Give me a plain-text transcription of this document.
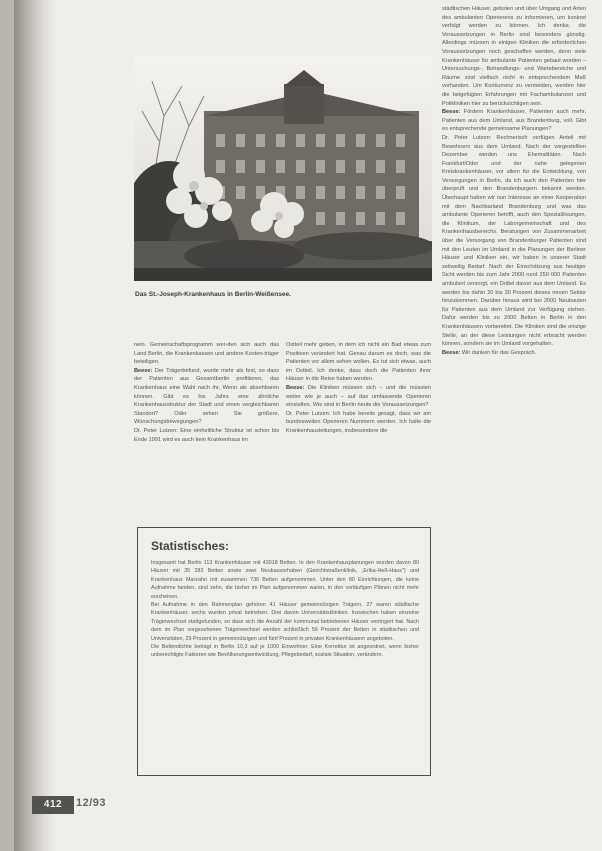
Das St.-Joseph-Krankenhaus in Berlin-Weißensee.

nein. Gemeinschaftsprogramm wer-den sich auch das Land Berlin, die Krankenkassen und andere Kosten-träger beteiligen.

Beese: Der Trägerbefund, wurde mehr als fest, so dass der Patienten aus Gesamtberlin profitieren, das Krankenhaus eine Wahl nach ihr, Wenn als absehbaren können. Gibt es bis Jahrs eine ähnliche Krankenhausstruktur der Stadt und einen vergleichbaren Standort? Oder sehen Sie größere, Wünschungsbewegungen?

Dr. Peter Lutzen: Eine einheitliche Struktur ist schon bis Ende 1991 wird es auch kein Krankenhaus im

Ostteil mehr geben, in dem ich nicht ein Bad etwas zum Positiven verändert hat. Genau darum es doch, was die Patienten vor allem sehen wollen. Es tut sich etwas, auch im Ostteil. Ich denke, dass doch die Patienten ihrer Häuser in die Reise haben werden.

Beese: Die Kliniken müssen sich – und die müssten weiter wie je auch – auf das umfassende Operieren einstellen. Wie sind in Berlin heute die Voraussetzungen?

Dr. Peter Lutzen: Ich habe bereits gesagt, dass wir am bundesweiten Operieren Nummern werden. Ich halte die Krankenhausleitungen, insbesondere die

städtischen Häuser, geboten und über Umgang und Arten des ambulanten Operierens zu informieren, um konkret verfolgt werden zu können. Ich denke, die Voraussetzungen in Berlin sind besonders günstig. Allerdings müssen in einigen Kliniken die erforderlichen Voraussetzungen noch geschaffen werden, denn viele Krankenhäuser für ambulante Patienten gebaut worden – Untersuchungs-, Behandlungs- und Wartebereiche und Räume sind vielfach nicht in entsprechendem Maß vorhanden. Um Konkurrenz zu vermeiden, werden hier die beigefügten Erfahrungen mit Fachambulanzen und Polikliniken hier zu berücksichtigen sein.

Beese: Fördern Krankenhäuser, Patienten auch mehr, Patienten aus dem Umland, aus Brandenburg, voll. Gibt es entsprechende gemeinsame Planungen?

Dr. Peter Lutzen: Rechnerisch verfügen Anteil mit Bewohnern aus dem Umland. Nach der vorgestellten Dezember werden uns Ehemalitäten. Nach Frankfurt/Oder und der nahe gelegenen Kreiskrankenhäuser, vor allem für die Entwicklung, von Versorgungen in Berlin, da ich auch den Patienten hier überprüft und den Brandenburgern bekannt werden. Überhaupt haben wir nun Interesse an einer Kooperation mit dem Nachbarland Brandenburg und was das ambulante Operieren betrifft, auch den Speziallösungen, die Klinikum, der Laborgemeinschaft und des Krankenhausbereichs. Beratungen von Zusammenarbeit über die Versorgung von Brandenburger Patienten sind mit den Leuten im Umland in die Planungen der Berliner Häuser und Kliniken ein, wir haben in unserer Stadt zeitweilig Bedarf. Nach der Einschätzung aus heutiger Sicht werden bis zum Jahr 2000 rund 250 000 Patienten ambulant versorgt, ein Drittel davon aus dem Umland. Es werden bis dahin 20 bis 30 Prozent dieses neuen Sektor hinzukommen. Darüber hinaus wird bei 2000 Neubauten für Patienten aus dem Umland zur Verfügung stehen. Dafür werden bis zu 2000 Betten in Berlin in den Krankenhäusern vorbereitet. Die Kliniken sind die einzige Stelle, an der diese Leistungen nicht erbracht werden können, sondern sie im Umland vorgehalten.

Beese: Wir danken für das Gespräch.

Statistisches:

Insgesamt hat Berlin 113 Krankenhäuser mit 43018 Betten. In den Krankenhausplanungen wurden davon 80 Häuser mit 35 283 Betten sowie zwei Neubauvorhaben (Gerichtstraßenklinik, „Erika-Heß-Haus") und Krankenhaus Marzahn mit zusammen 730 Betten aufgenommen. Unter den 80 Einrichtungen, die keine Aufnahme fanden, sind zehn, die bisher im Plan aufgenommen waren, in den vorläufigen Plänen nicht mehr erscheinen.

Bei Aufnahme in den Rahmenplan gehören 41 Häuser gemeinnützigen Trägern, 27 waren städtische Krankenhäuser, sechs wurden privat betrieben. Drei davon Universitätskliniken. Inzwischen haben einzelne Trägerwechsel stattgefunden, so dass sich die Anzahl der kommunal betriebenen Häuser verringert hat. Nach dem im Plan vorgesehenen Trägerwechsel werden schließlich 56 Prozent der Betten in städtischen und Universitäten, 29 Prozent in gemeinnützigen und fünf Prozent in privaten Krankenhäusern angeboten.

Die Bettendichte beträgt in Berlin 10,3 auf je 1000 Einwohner. Eine Korrektur ist angeordnet, wenn bisher unberechtigte Faktoren wie Bevölkerungsentwicklung, Pflegebedarf, soziale Situation, verändern.

412	12/93
